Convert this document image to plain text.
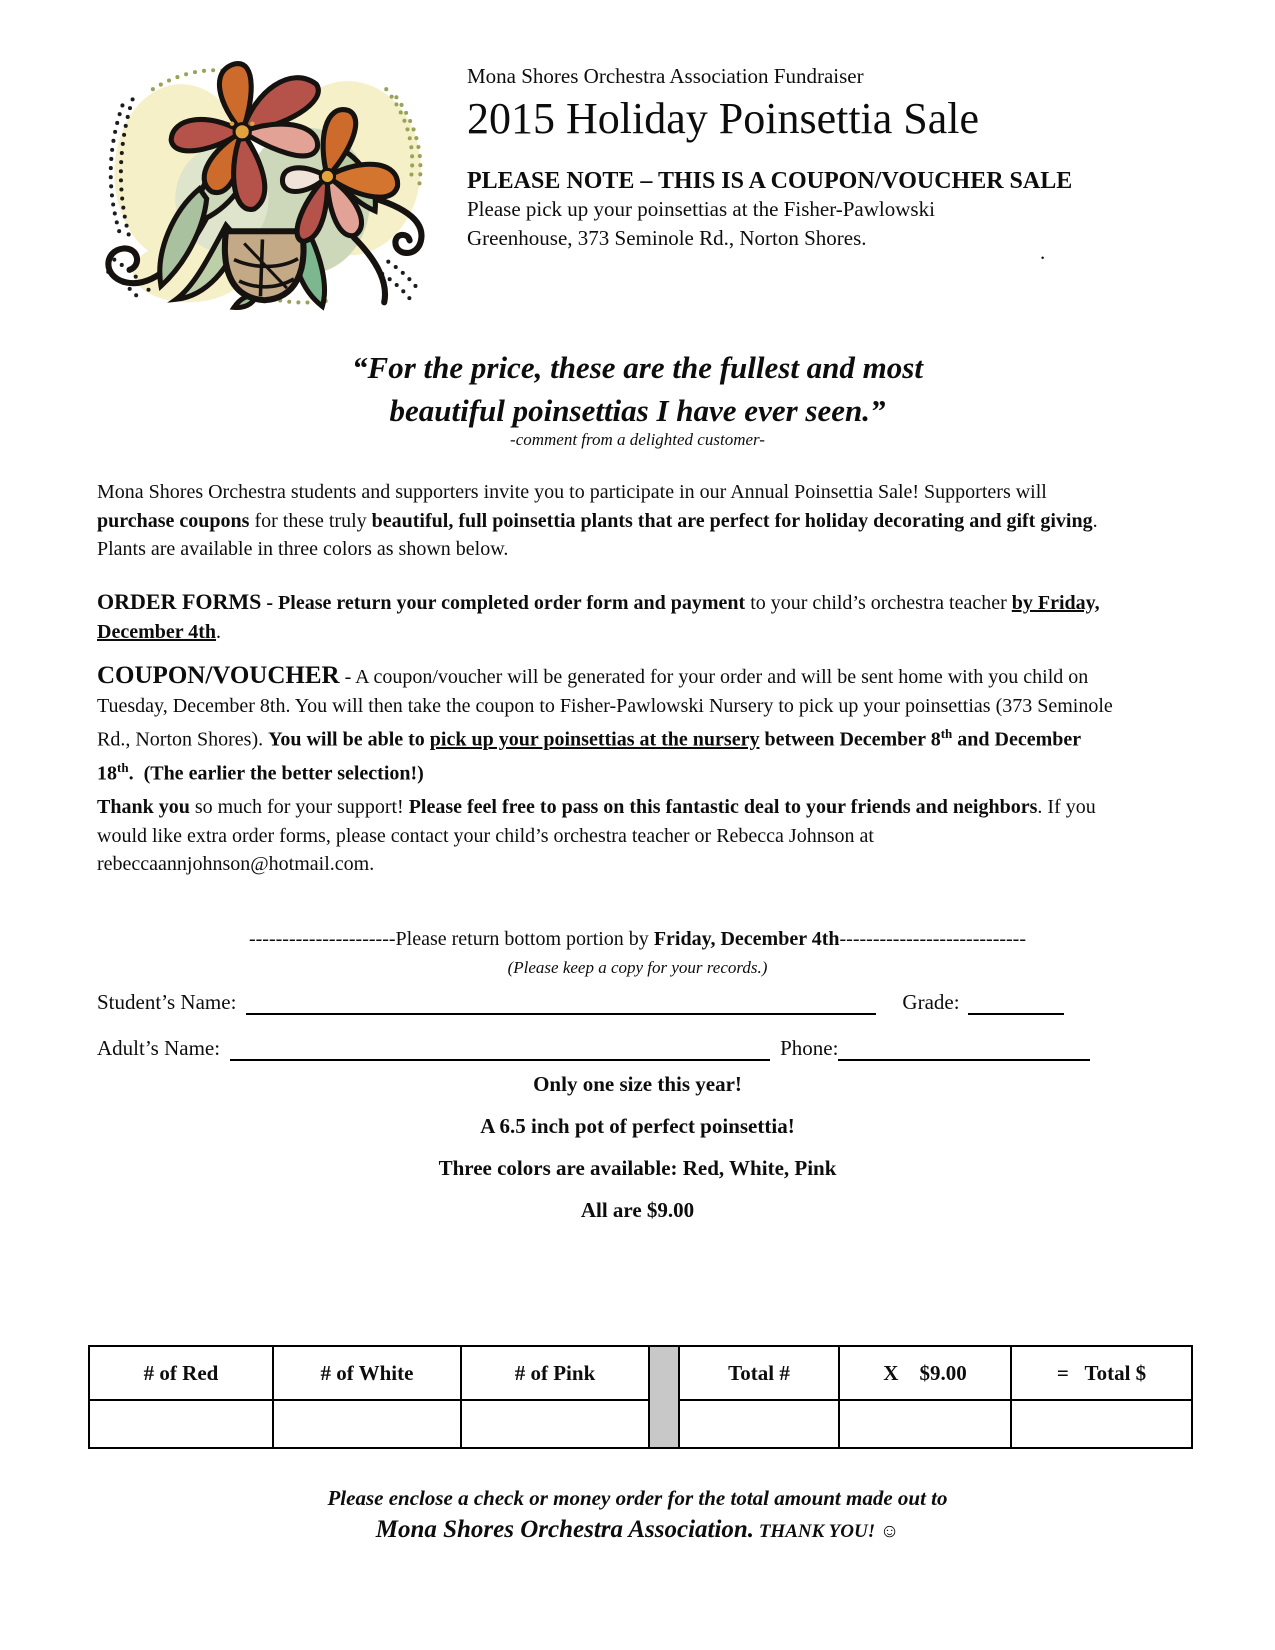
Mona Shores Orchestra Association Fundraiser
2015 Holiday Poinsettia Sale
PLEASE NOTE – THIS IS A COUPON/VOUCHER SALE
Please pick up your poinsettias at the Fisher-Pawlowski
Greenhouse, 373 Seminole Rd., Norton Shores.
.
“For the price, these are the fullest and most
beautiful poinsettias I have ever seen.”
-comment from a delighted customer-
Mona Shores Orchestra students and supporters invite you to participate in our Annual Poinsettia Sale! Supporters will purchase coupons for these truly beautiful, full poinsettia plants that are perfect for holiday decorating and gift giving. Plants are available in three colors as shown below.
ORDER FORMS - Please return your completed order form and payment to your child’s orchestra teacher by Friday, December 4th.
COUPON/VOUCHER - A coupon/voucher will be generated for your order and will be sent home with you child on Tuesday, December 8th. You will then take the coupon to Fisher-Pawlowski Nursery to pick up your poinsettias (373 Seminole Rd., Norton Shores). You will be able to pick up your poinsettias at the nursery between December 8th and December 18th.  (The earlier the better selection!)
Thank you so much for your support! Please feel free to pass on this fantastic deal to your friends and neighbors. If you would like extra order forms, please contact your child’s orchestra teacher or Rebecca Johnson at rebeccaannjohnson@hotmail.com.
----------------------Please return bottom portion by Friday, December 4th----------------------------
(Please keep a copy for your records.)
Student’s Name:	Grade:
Adult’s Name:	Phone:
Only one size this year!
A 6.5 inch pot of perfect poinsettia!
Three colors are available: Red, White, Pink
All are $9.00
# of Red	# of White	# of Pink		Total #	X    $9.00	=   Total $

Please enclose a check or money order for the total amount made out to
Mona Shores Orchestra Association. THANK YOU! ☺
